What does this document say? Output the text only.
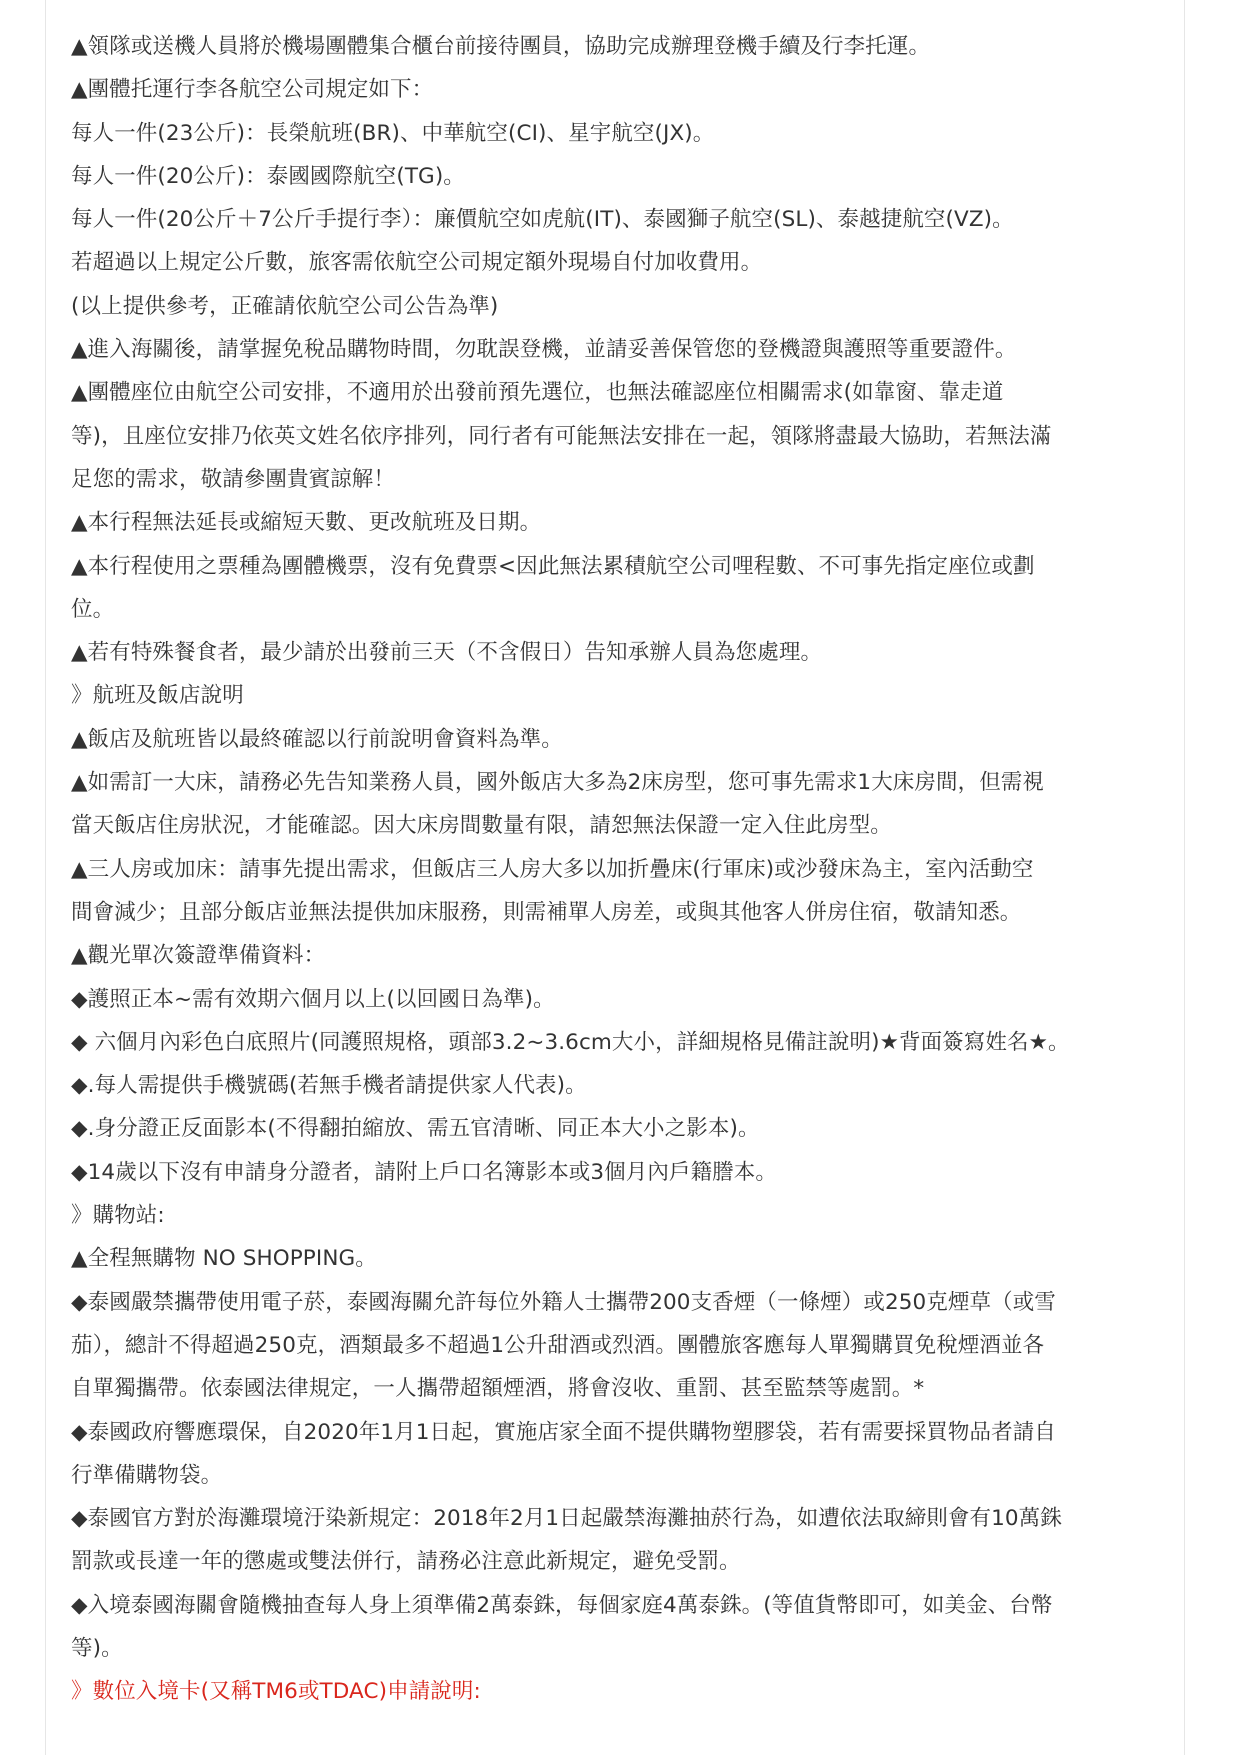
▲領隊或送機人員將於機場團體集合櫃台前接待團員，協助完成辦理登機手續及行李托運。
▲團體托運行李各航空公司規定如下：
每人一件(23公斤)：長榮航班(BR)、中華航空(CI)、星宇航空(JX)。
每人一件(20公斤)：泰國國際航空(TG)。
每人一件(20公斤＋7公斤手提行李）：廉價航空如虎航(IT)、泰國獅子航空(SL)、泰越捷航空(VZ)。
若超過以上規定公斤數，旅客需依航空公司規定額外現場自付加收費用。
(以上提供參考，正確請依航空公司公告為準)
▲進入海關後，請掌握免稅品購物時間，勿耽誤登機，並請妥善保管您的登機證與護照等重要證件。
▲團體座位由航空公司安排，不適用於出發前預先選位，也無法確認座位相關需求(如靠窗、靠走道
等)，且座位安排乃依英文姓名依序排列，同行者有可能無法安排在一起，領隊將盡最大協助，若無法滿
足您的需求，敬請參團貴賓諒解！
▲本行程無法延長或縮短天數、更改航班及日期。
▲本行程使用之票種為團體機票，沒有免費票<因此無法累積航空公司哩程數、不可事先指定座位或劃
位。
▲若有特殊餐食者，最少請於出發前三天（不含假日）告知承辦人員為您處理。
》航班及飯店說明
▲飯店及航班皆以最終確認以行前說明會資料為準。
▲如需訂一大床，請務必先告知業務人員，國外飯店大多為2床房型，您可事先需求1大床房間，但需視
當天飯店住房狀況，才能確認。因大床房間數量有限，請恕無法保證一定入住此房型。
▲三人房或加床：請事先提出需求，但飯店三人房大多以加折疊床(行軍床)或沙發床為主，室內活動空
間會減少；且部分飯店並無法提供加床服務，則需補單人房差，或與其他客人併房住宿，敬請知悉。
▲觀光單次簽證準備資料：
◆護照正本~需有效期六個月以上(以回國日為準)。
◆ 六個月內彩色白底照片(同護照規格，頭部3.2~3.6cm大小，詳細規格見備註說明)★背面簽寫姓名★。
◆.每人需提供手機號碼(若無手機者請提供家人代表)。
◆.身分證正反面影本(不得翻拍縮放、需五官清晰、同正本大小之影本)。
◆14歲以下沒有申請身分證者，請附上戶口名簿影本或3個月內戶籍謄本。
》購物站:
▲全程無購物 NO SHOPPING。
◆泰國嚴禁攜帶使用電子菸，泰國海關允許每位外籍人士攜帶200支香煙（一條煙）或250克煙草（或雪
茄），總計不得超過250克，酒類最多不超過1公升甜酒或烈酒。團體旅客應每人單獨購買免稅煙酒並各
自單獨攜帶。依泰國法律規定，一人攜帶超額煙酒，將會沒收、重罰、甚至監禁等處罰。*
◆泰國政府響應環保，自2020年1月1日起，實施店家全面不提供購物塑膠袋，若有需要採買物品者請自
行準備購物袋。
◆泰國官方對於海灘環境汙染新規定：2018年2月1日起嚴禁海灘抽菸行為，如遭依法取締則會有10萬銖
罰款或長達一年的懲處或雙法併行，請務必注意此新規定，避免受罰。
◆入境泰國海關會隨機抽查每人身上須準備2萬泰銖，每個家庭4萬泰銖。(等值貨幣即可，如美金、台幣
等)。
》數位入境卡(又稱TM6或TDAC)申請說明:
